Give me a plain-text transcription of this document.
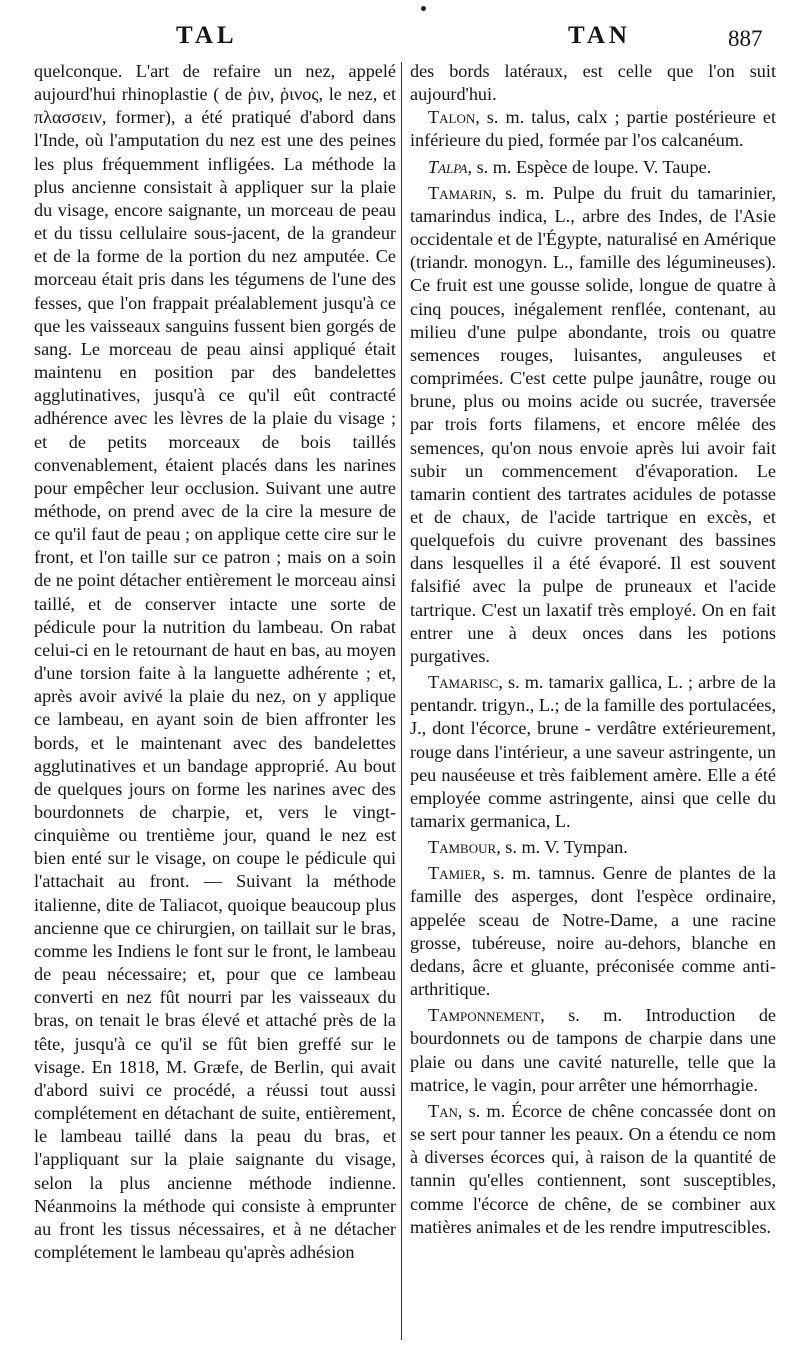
TAL	TAN	887

quelconque. L'art de refaire un nez, appelé aujourd'hui rhinoplastie ( de ῥιν, ῥινος, le nez, et πλασσειν, former), a été pratiqué d'abord dans l'Inde, où l'amputation du nez est une des peines les plus fréquemment infligées. La méthode la plus ancienne consistait à appliquer sur la plaie du visage, encore saignante, un morceau de peau et du tissu cellulaire sous-jacent, de la grandeur et de la forme de la portion du nez amputée. Ce morceau était pris dans les tégumens de l'une des fesses, que l'on frappait préalablement jusqu'à ce que les vaisseaux sanguins fussent bien gorgés de sang. Le morceau de peau ainsi appliqué était maintenu en position par des bandelettes agglutinatives, jusqu'à ce qu'il eût contracté adhérence avec les lèvres de la plaie du visage ; et de petits morceaux de bois taillés convenablement, étaient placés dans les narines pour empêcher leur occlusion. Suivant une autre méthode, on prend avec de la cire la mesure de ce qu'il faut de peau ; on applique cette cire sur le front, et l'on taille sur ce patron ; mais on a soin de ne point détacher entièrement le morceau ainsi taillé, et de conserver intacte une sorte de pédicule pour la nutrition du lambeau. On rabat celui-ci en le retournant de haut en bas, au moyen d'une torsion faite à la languette adhérente ; et, après avoir avivé la plaie du nez, on y applique ce lambeau, en ayant soin de bien affronter les bords, et le maintenant avec des bandelettes agglutinatives et un bandage approprié. Au bout de quelques jours on forme les narines avec des bourdonnets de charpie, et, vers le vingt-cinquième ou trentième jour, quand le nez est bien enté sur le visage, on coupe le pédicule qui l'attachait au front. — Suivant la méthode italienne, dite de Taliacot, quoique beaucoup plus ancienne que ce chirurgien, on taillait sur le bras, comme les Indiens le font sur le front, le lambeau de peau nécessaire; et, pour que ce lambeau converti en nez fût nourri par les vaisseaux du bras, on tenait le bras élevé et attaché près de la tête, jusqu'à ce qu'il se fût bien greffé sur le visage. En 1818, M. Græfe, de Berlin, qui avait d'abord suivi ce procédé, a réussi tout aussi complétement en détachant de suite, entièrement, le lambeau taillé dans la peau du bras, et l'appliquant sur la plaie saignante du visage, selon la plus ancienne méthode indienne. Néanmoins la méthode qui consiste à emprunter au front les tissus nécessaires, et à ne détacher complétement le lambeau qu'après adhésion

des bords latéraux, est celle que l'on suit aujourd'hui.

Talon, s. m. talus, calx ; partie postérieure et inférieure du pied, formée par l'os calcanéum.

Talpa, s. m. Espèce de loupe. V. Taupe.

Tamarin, s. m. Pulpe du fruit du tamarinier, tamarindus indica, L., arbre des Indes, de l'Asie occidentale et de l'Égypte, naturalisé en Amérique (triandr. monogyn. L., famille des légumineuses). Ce fruit est une gousse solide, longue de quatre à cinq pouces, inégalement renflée, contenant, au milieu d'une pulpe abondante, trois ou quatre semences rouges, luisantes, anguleuses et comprimées. C'est cette pulpe jaunâtre, rouge ou brune, plus ou moins acide ou sucrée, traversée par trois forts filamens, et encore mêlée des semences, qu'on nous envoie après lui avoir fait subir un commencement d'évaporation. Le tamarin contient des tartrates acidules de potasse et de chaux, de l'acide tartrique en excès, et quelquefois du cuivre provenant des bassines dans lesquelles il a été évaporé. Il est souvent falsifié avec la pulpe de pruneaux et l'acide tartrique. C'est un laxatif très employé. On en fait entrer une à deux onces dans les potions purgatives.

Tamarisc, s. m. tamarix gallica, L. ; arbre de la pentandr. trigyn., L.; de la famille des portulacées, J., dont l'écorce, brune - verdâtre extérieurement, rouge dans l'intérieur, a une saveur astringente, un peu nauséeuse et très faiblement amère. Elle a été employée comme astringente, ainsi que celle du tamarix germanica, L.

Tambour, s. m. V. Tympan.

Tamier, s. m. tamnus. Genre de plantes de la famille des asperges, dont l'espèce ordinaire, appelée sceau de Notre-Dame, a une racine grosse, tubéreuse, noire au-dehors, blanche en dedans, âcre et gluante, préconisée comme anti-arthritique.

Tamponnement, s. m. Introduction de bourdonnets ou de tampons de charpie dans une plaie ou dans une cavité naturelle, telle que la matrice, le vagin, pour arrêter une hémorrhagie.

Tan, s. m. Écorce de chêne concassée dont on se sert pour tanner les peaux. On a étendu ce nom à diverses écorces qui, à raison de la quantité de tannin qu'elles contiennent, sont susceptibles, comme l'écorce de chêne, de se combiner aux matières animales et de les rendre imputrescibles.
